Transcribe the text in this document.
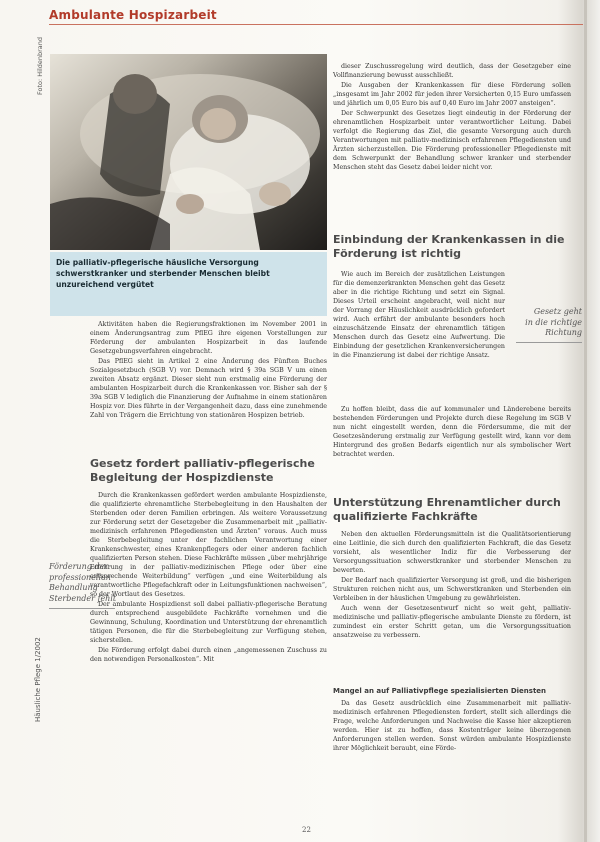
Ambulante Hospizarbeit
Foto: Hildenbrand
Die palliativ-pflegerische häusliche Versorgung schwerstkranker und sterbender Menschen bleibt unzureichend vergütet

Aktivitäten haben die Regierungsfraktionen im November 2001 in einem Änderungsantrag zum PflEG ihre eigenen Vorstellungen zur Förderung der ambulanten Hospizarbeit in das laufende Gesetzgebungsverfahren eingebracht.

Das PflEG sieht in Artikel 2 eine Änderung des Fünften Buches Sozialgesetzbuch (SGB V) vor. Demnach wird § 39a SGB V um einen zweiten Absatz ergänzt. Dieser sieht nun erstmalig eine Förderung der ambulanten Hospizarbeit durch die Krankenkassen vor. Bisher sah der § 39a SGB V lediglich die Finanzierung der Aufnahme in einem stationären Hospiz vor. Dies führte in der Vergangenheit dazu, dass eine zunehmende Zahl von Trägern die Errichtung von stationären Hospizen betrieb.

Gesetz fordert palliativ-pflegerische Begleitung der Hospizdienste

Durch die Krankenkassen gefördert werden ambulante Hospizdienste, die qualifizierte ehrenamtliche Sterbebegleitung in den Haushalten der Sterbenden oder deren Familien erbringen. Als weitere Voraussetzung zur Förderung setzt der Gesetzgeber die Zusammenarbeit mit „palliativ-medizinisch erfahrenen Pflegediensten und Ärzten“ voraus. Auch muss die Sterbebegleitung unter der fachlichen Verantwortung einer Krankenschwester, eines Krankenpflegers oder einer anderen fachlich qualifizierten Person stehen. Diese Fachkräfte müssen „über mehrjährige Erfahrung in der palliativ-medizinischen Pflege oder über eine entsprechende Weiterbildung“ verfügen „und eine Weiterbildung als verantwortliche Pflegefachkraft oder in Leitungsfunktionen nachweisen“, so der Wortlaut des Gesetzes.

Der ambulante Hospizdienst soll dabei palliativ-pflegerische Beratung durch entsprechend ausgebildete Fachkräfte vornehmen und die Gewinnung, Schulung, Koordination und Unterstützung der ehrenamtlich tätigen Personen, die für die Sterbebegleitung zur Verfügung stehen, sicherstellen.

Die Förderung erfolgt dabei durch einen „angemessenen Zuschuss zu den notwendigen Personalkosten“. Mit

Förderung der
professionellen
Behandlung
Sterbender fehlt
Häusliche Pflege 1/2002

dieser Zuschussregelung wird deutlich, dass der Gesetzgeber eine Vollfinanzierung bewusst ausschließt.

Die Ausgaben der Krankenkassen für diese Förderung sollen „insgesamt im Jahr 2002 für jeden ihrer Versicherten 0,15 Euro umfassen und jährlich um 0,05 Euro bis auf 0,40 Euro im Jahr 2007 ansteigen“.

Der Schwerpunkt des Gesetzes liegt eindeutig in der Förderung der ehrenamtlichen Hospizarbeit unter verantwortlicher Leitung. Dabei verfolgt die Regierung das Ziel, die gesamte Versorgung auch durch Verantwortungen mit palliativ-medizinisch erfahrenen Pflegediensten und Ärzten sicherzustellen. Die Förderung professioneller Pflegedienste mit dem Schwerpunkt der Behandlung schwer kranker und sterbender Menschen steht das Gesetz dabei leider nicht vor.

Einbindung der Krankenkassen in die Förderung ist richtig

Wie auch im Bereich der zusätzlichen Leistungen für die demenzerkrankten Menschen geht das Gesetz aber in die richtige Richtung und setzt ein Signal. Dieses Urteil erscheint angebracht, weil nicht nur der Vorrang der Häuslichkeit ausdrücklich gefordert wird. Auch erfährt der ambulante besonders hoch einzuschätzende Einsatz der ehrenamtlich tätigen Menschen durch das Gesetz eine Aufwertung. Die Einbindung der gesetzlichen Krankenversicherungen in die Finanzierung ist dabei der richtige Ansatz.

Gesetz geht
in die richtige
Richtung

Zu hoffen bleibt, dass die auf kommunaler und Länderebene bereits bestehenden Förderungen und Projekte durch diese Regelung im SGB V nun nicht eingestellt werden, denn die Fördersumme, die mit der Gesetzesänderung erstmalig zur Verfügung gestellt wird, kann vor dem Hintergrund des großen Bedarfs eigentlich nur als symbolischer Wert betrachtet werden.

Unterstützung Ehrenamtlicher durch qualifizierte Fachkräfte

Neben den aktuellen Förderungsmitteln ist die Qualitätsorientierung eine Leitlinie, die sich durch den qualifizierten Fachkraft, die das Gesetz vorsieht, als wesentlicher Indiz für die Verbesserung der Versorgungssituation schwerstkranker und sterbender Menschen zu bewerten.

Der Bedarf nach qualifizierter Versorgung ist groß, und die bisherigen Strukturen reichen nicht aus, um Schwerstkranken und Sterbenden ein Verbleiben in der häuslichen Umgebung zu gewährleisten.

Auch wenn der Gesetzesentwurf nicht so weit geht, palliativ-medizinische und palliativ-pflegerische ambulante Dienste zu fördern, ist zumindest ein erster Schritt getan, um die Versorgungssituation ansatzweise zu verbessern.

Mangel an auf Palliativpflege spezialisierten Diensten

Da das Gesetz ausdrücklich eine Zusammenarbeit mit palliativ-medizinisch erfahrenen Pflegediensten fordert, stellt sich allerdings die Frage, welche Anforderungen und Nachweise die Kasse hier akzeptieren werden. Hier ist zu hoffen, dass Kostenträger keine überzogenen Anforderungen stellen werden. Sonst würden ambulante Hospizdienste ihrer Möglichkeit beraubt, eine Förde-

22
